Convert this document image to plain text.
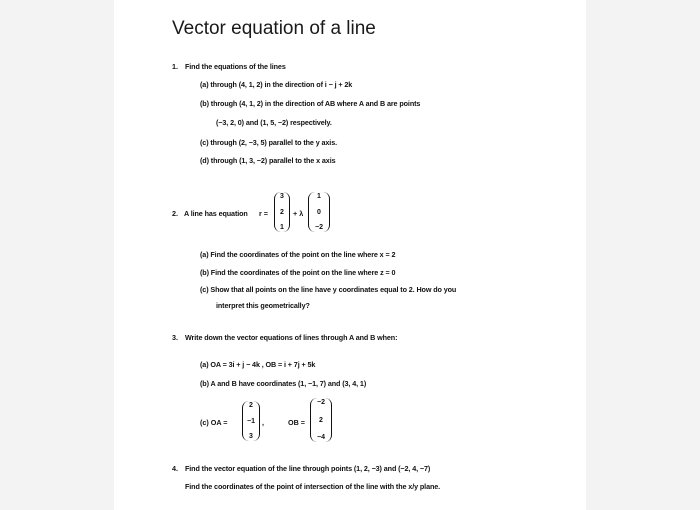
Vector equation of a line
1. Find the equations of the lines
(a) through (4, 1, 2) in the direction of i − j + 2k
(b) through (4, 1, 2) in the direction of AB where A and B are points
(−3, 2, 0) and (1, 5, −2) respectively.
(c) through (2, −3, 5) parallel to the y axis.
(d) through (1, 3, −2) parallel to the x axis
2. A line has equation r =
3
2
1
+ λ
1
0
−2
(a) Find the coordinates of the point on the line where x = 2
(b) Find the coordinates of the point on the line where z = 0
(c) Show that all points on the line have y coordinates equal to 2. How do you
interpret this geometrically?
3. Write down the vector equations of lines through A and B when:
(a) OA = 3i + j − 4k , OB = i + 7j + 5k
(b) A and B have coordinates (1, −1, 7) and (3, 4, 1)
(c) OA =
2
−1
3
,	OB =
−2
2
−4
4. Find the vector equation of the line through points (1, 2, −3) and (−2, 4, −7)
Find the coordinates of the point of intersection of the line with the x/y plane.
